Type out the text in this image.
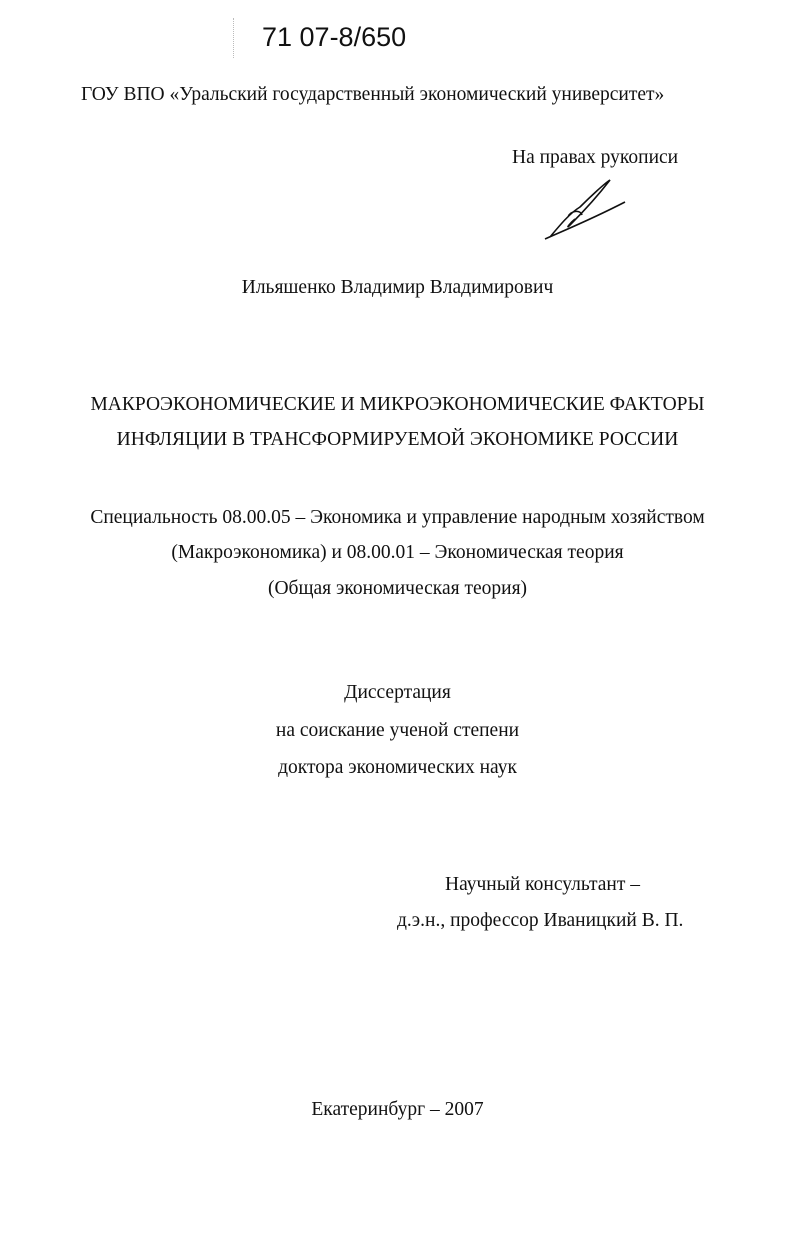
71 07-8/650
ГОУ ВПО «Уральский государственный экономический университет»
На правах рукописи
Ильяшенко Владимир Владимирович
МАКРОЭКОНОМИЧЕСКИЕ И МИКРОЭКОНОМИЧЕСКИЕ ФАКТОРЫ
ИНФЛЯЦИИ В ТРАНСФОРМИРУЕМОЙ ЭКОНОМИКЕ РОССИИ
Специальность 08.00.05 – Экономика и управление народным хозяйством
(Макроэкономика) и 08.00.01 – Экономическая теория
(Общая экономическая теория)
Диссертация
на соискание ученой степени
доктора экономических наук
Научный консультант –
д.э.н., профессор Иваницкий В. П.
Екатеринбург – 2007
